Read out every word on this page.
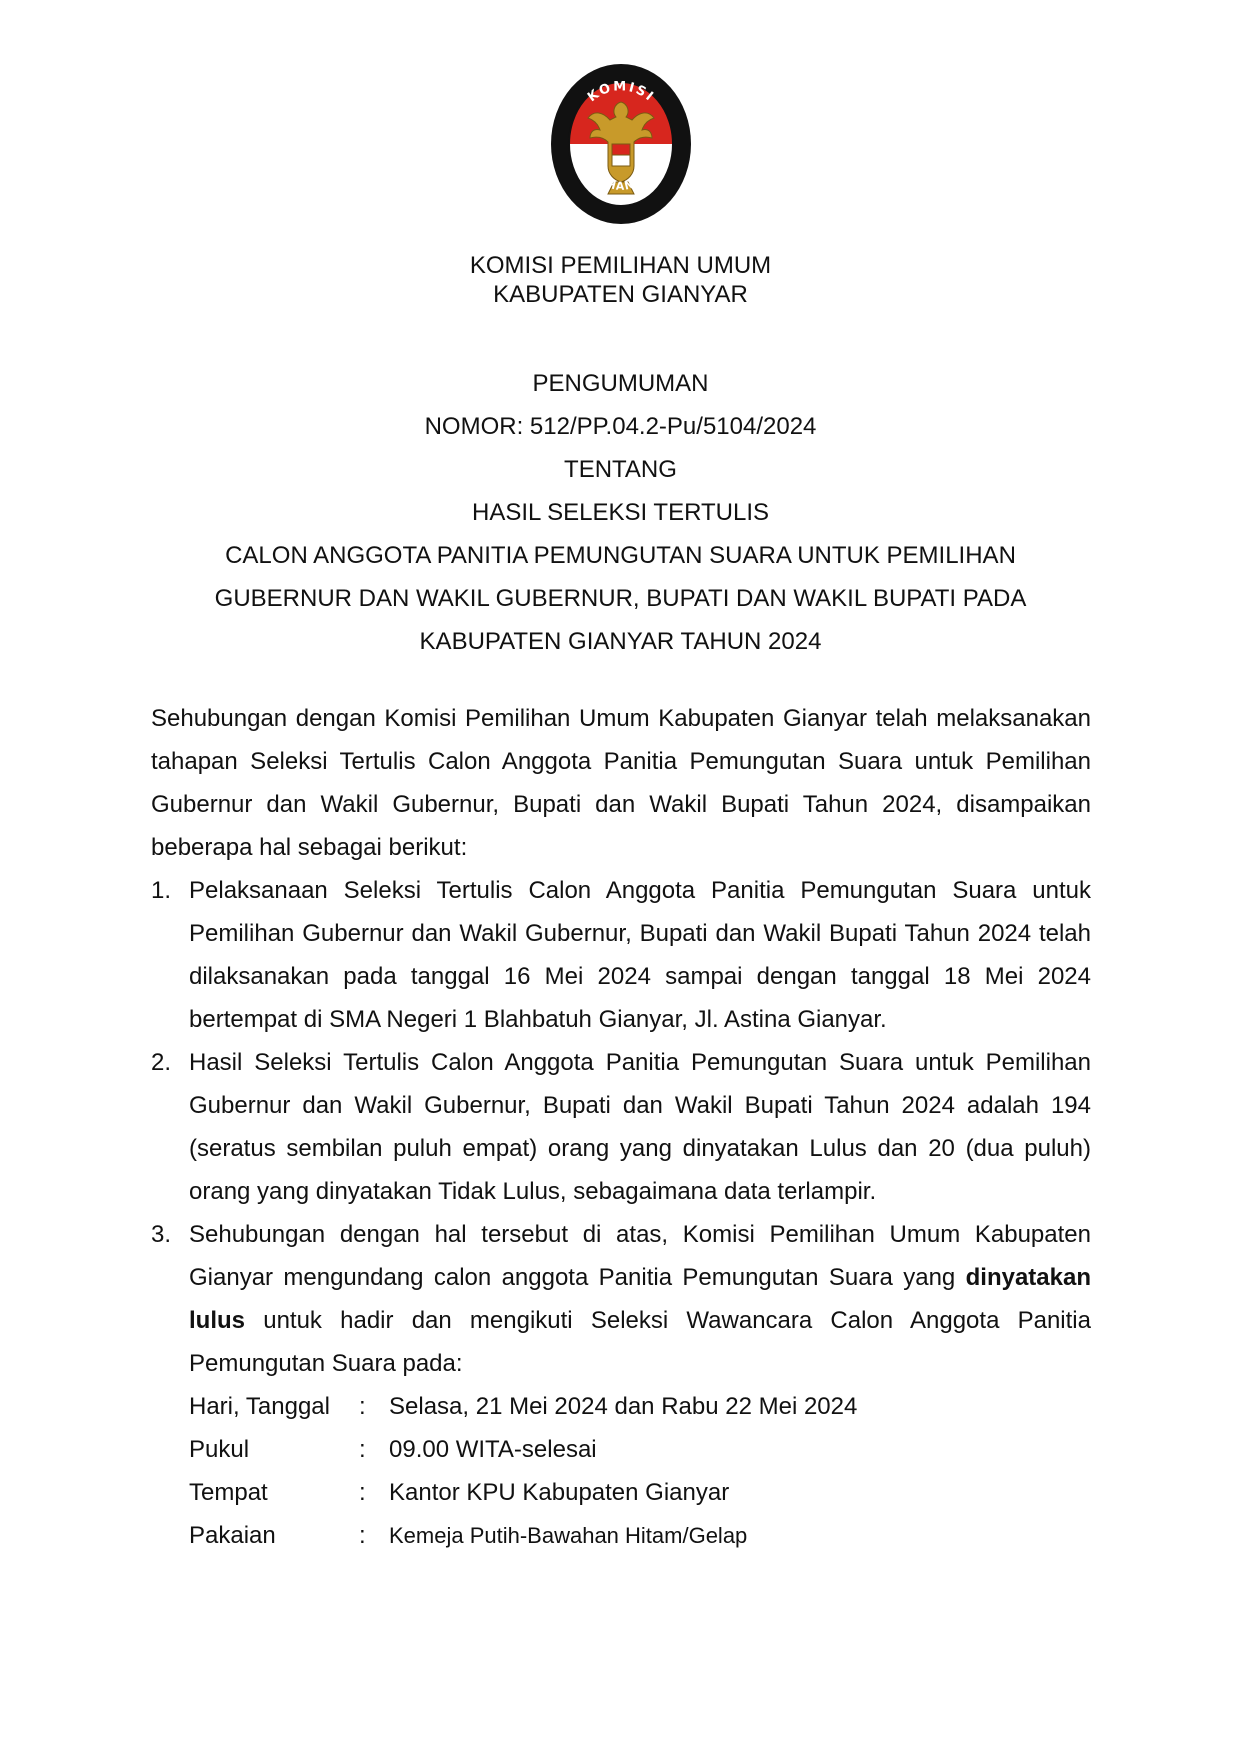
KOMISI
PEMILIHAN UMUM
KOMISI PEMILIHAN UMUM
KABUPATEN GIANYAR
PENGUMUMAN
NOMOR: 512/PP.04.2-Pu/5104/2024
TENTANG
HASIL SELEKSI TERTULIS
CALON ANGGOTA PANITIA PEMUNGUTAN SUARA UNTUK PEMILIHAN
GUBERNUR DAN WAKIL GUBERNUR, BUPATI DAN WAKIL BUPATI PADA
KABUPATEN GIANYAR TAHUN 2024

Sehubungan dengan Komisi Pemilihan Umum Kabupaten Gianyar telah melaksanakan tahapan Seleksi Tertulis Calon Anggota Panitia Pemungutan Suara untuk Pemilihan Gubernur dan Wakil Gubernur, Bupati dan Wakil Bupati Tahun 2024, disampaikan beberapa hal sebagai berikut:

1. Pelaksanaan Seleksi Tertulis Calon Anggota Panitia Pemungutan Suara untuk Pemilihan Gubernur dan Wakil Gubernur, Bupati dan Wakil Bupati Tahun 2024 telah dilaksanakan pada tanggal 16 Mei 2024 sampai dengan tanggal 18 Mei 2024 bertempat di SMA Negeri 1 Blahbatuh Gianyar, Jl. Astina Gianyar.
2. Hasil Seleksi Tertulis Calon Anggota Panitia Pemungutan Suara untuk Pemilihan Gubernur dan Wakil Gubernur, Bupati dan Wakil Bupati Tahun 2024 adalah 194 (seratus sembilan puluh empat) orang yang dinyatakan Lulus dan 20 (dua puluh) orang yang dinyatakan Tidak Lulus, sebagaimana data terlampir.
3. Sehubungan dengan hal tersebut di atas, Komisi Pemilihan Umum Kabupaten Gianyar mengundang calon anggota Panitia Pemungutan Suara yang dinyatakan lulus untuk hadir dan mengikuti Seleksi Wawancara Calon Anggota Panitia Pemungutan Suara pada:
Hari, Tanggal	: Selasa, 21 Mei 2024 dan Rabu 22 Mei 2024
Pukul	: 09.00 WITA-selesai
Tempat	: Kantor KPU Kabupaten Gianyar
Pakaian	:	Kemeja Putih-Bawahan Hitam/Gelap
